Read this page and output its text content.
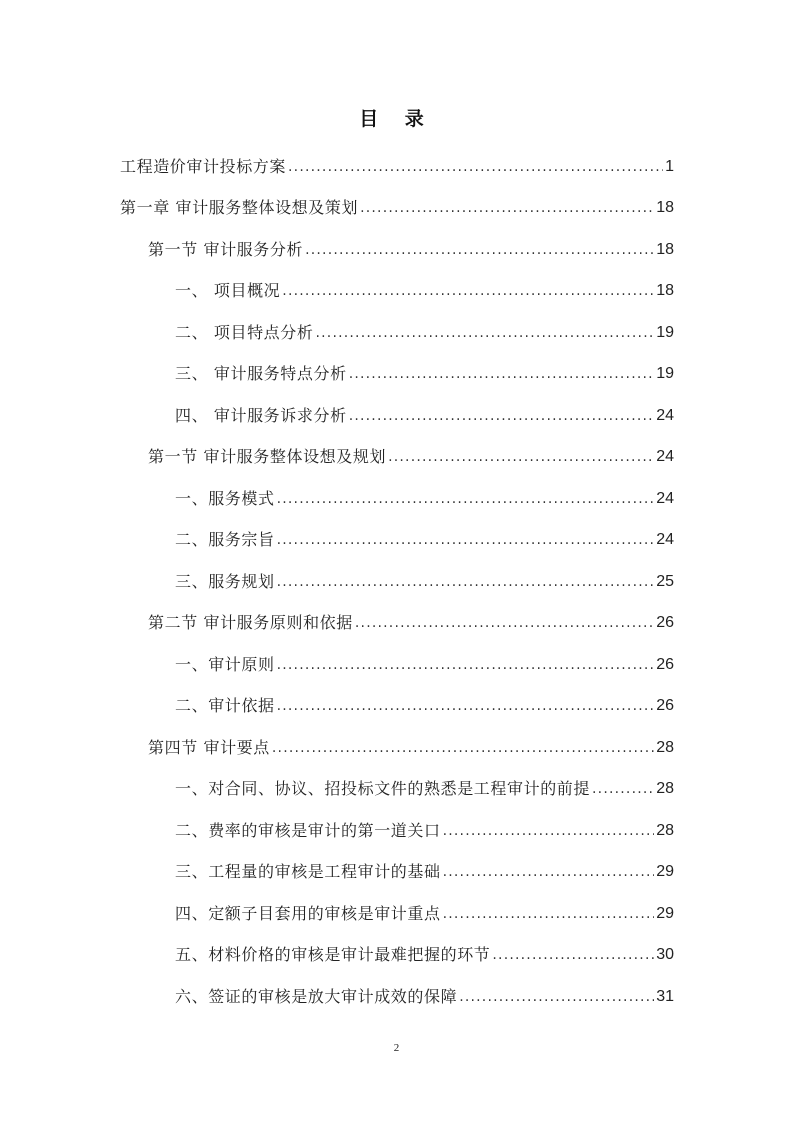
目 录
工程造价审计投标方案 .....	1
第一章 审计服务整体设想及策划 .....	18
第一节 审计服务分析 .....	18
一、 项目概况 .....	18
二、 项目特点分析 .....	19
三、 审计服务特点分析 .....	19
四、 审计服务诉求分析 .....	24
第一节 审计服务整体设想及规划 .....	24
一、服务模式 .....	24
二、服务宗旨 .....	24
三、服务规划 .....	25
第二节 审计服务原则和依据 .....	26
一、审计原则 .....	26
二、审计依据 .....	26
第四节 审计要点 .....	28
一、对合同、协议、招投标文件的熟悉是工程审计的前提 .....	28
二、费率的审核是审计的第一道关口 .....	28
三、工程量的审核是工程审计的基础 .....	29
四、定额子目套用的审核是审计重点 .....	29
五、材料价格的审核是审计最难把握的环节 .....	30
六、签证的审核是放大审计成效的保障 .....	31
2
